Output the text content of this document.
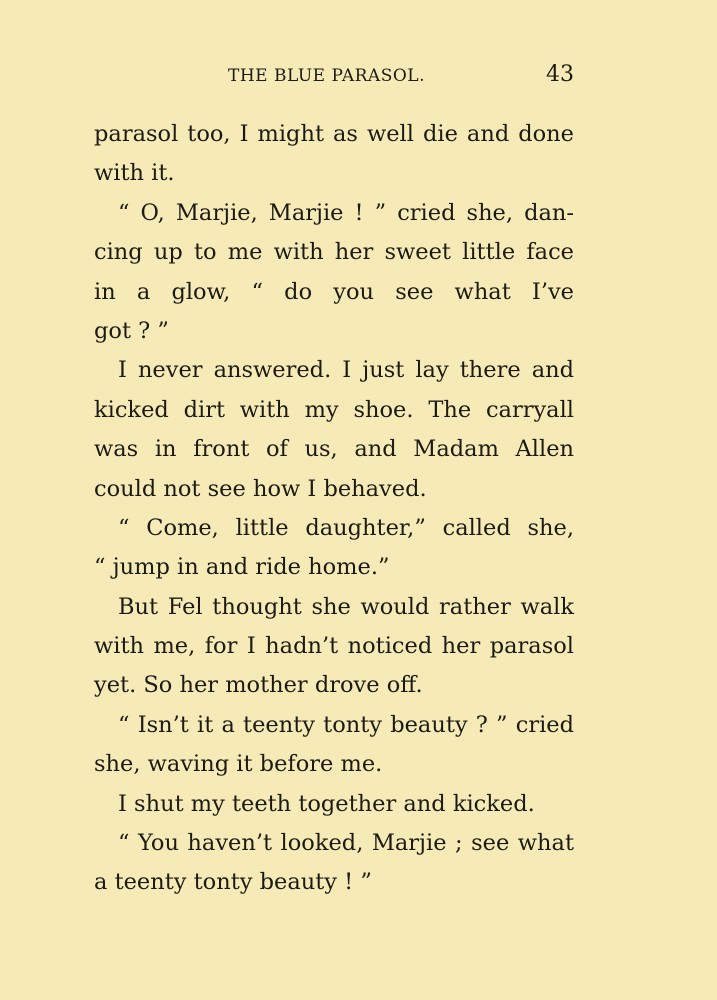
THE BLUE PARASOL.	43
parasol too, I might as well die and done
with it.
“ O, Marjie, Marjie ! ” cried she, dan-
cing up to me with her sweet little face
in a glow, “ do you see what I’ve
got ? ”
I never answered. I just lay there and
kicked dirt with my shoe. The carryall
was in front of us, and Madam Allen
could not see how I behaved.
“ Come, little daughter,” called she,
“ jump in and ride home.”
But Fel thought she would rather walk
with me, for I hadn’t noticed her parasol
yet. So her mother drove off.
“ Isn’t it a teenty tonty beauty ? ” cried
she, waving it before me.
I shut my teeth together and kicked.
“ You haven’t looked, Marjie ; see what
a teenty tonty beauty ! ”
